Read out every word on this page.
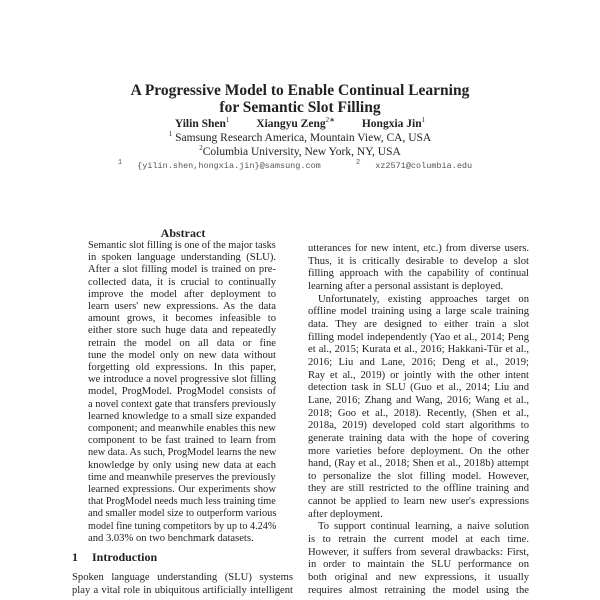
A Progressive Model to Enable Continual Learning
for Semantic Slot Filling
Yilin Shen$^1$ Xiangyu Zeng$^{2∗}$ Hongxia Jin$^1$
$^1$ Samsung Research America, Mountain View, CA, USA
$^2$Columbia University, New York, NY, USA
$^1$ {yilin.shen,hongxia.jin}@samsung.com	$^2$ xz2571@columbia.edu
Abstract
Semantic slot filling is one of the major tasks
in spoken language understanding (SLU).
After a slot filling model is trained on pre-
collected data, it is crucial to continually
improve the model after deployment to
learn users' new expressions. As the data
amount grows, it becomes infeasible to
either store such huge data and repeatedly
retrain the model on all data or fine
tune the model only on new data without
forgetting old expressions. In this paper,
we introduce a novel progressive slot filling
model, ProgModel. ProgModel consists of
a novel context gate that transfers previously
learned knowledge to a small size expanded
component; and meanwhile enables this new
component to be fast trained to learn from
new data. As such, ProgModel learns the new
knowledge by only using new data at each
time and meanwhile preserves the previously
learned expressions. Our experiments show
that ProgModel needs much less training time
and smaller model size to outperform various
model fine tuning competitors by up to 4.24%
and 3.03% on two benchmark datasets.
1 Introduction
Spoken language understanding (SLU) systems
play a vital role in ubiquitous artificially intelligent
utterances for new intent, etc.) from diverse users.
Thus, it is critically desirable to develop a slot
filling approach with the capability of continual
learning after a personal assistant is deployed.
Unfortunately, existing approaches target on
offline model training using a large scale training
data. They are designed to either train a slot
filling model independently (Yao et al., 2014; Peng
et al., 2015; Kurata et al., 2016; Hakkani-Tür et al.,
2016; Liu and Lane, 2016; Deng et al., 2019;
Ray et al., 2019) or jointly with the other intent
detection task in SLU (Guo et al., 2014; Liu and
Lane, 2016; Zhang and Wang, 2016; Wang et al.,
2018; Goo et al., 2018). Recently, (Shen et al.,
2018a, 2019) developed cold start algorithms to
generate training data with the hope of covering
more varieties before deployment. On the other
hand, (Ray et al., 2018; Shen et al., 2018b) attempt
to personalize the slot filling model. However,
they are still restricted to the offline training and
cannot be applied to learn new user's expressions
after deployment.
To support continual learning, a naive solution
is to retrain the current model at each time.
However, it suffers from several drawbacks: First,
in order to maintain the SLU performance on
both original and new expressions, it usually
requires almost retraining the model using the
